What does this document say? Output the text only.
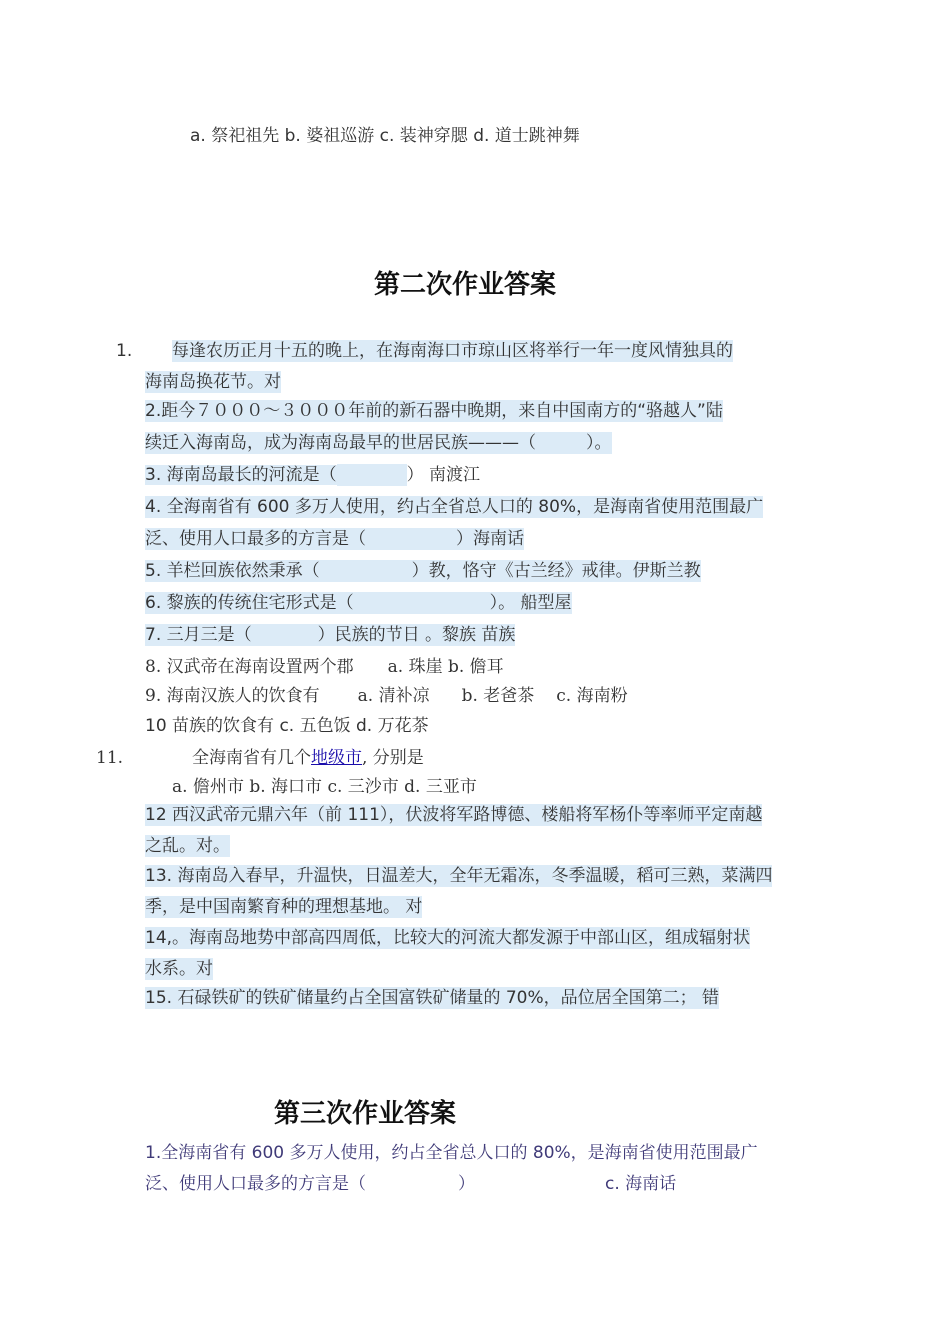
a. 祭祀祖先 b. 婆祖巡游 c. 装神穿腮 d. 道士跳神舞
第二次作业答案
1. 每逢农历正月十五的晚上，在海南海口市琼山区将举行一年一度风情独具的
海南岛换花节。对
2.距今７０００～３０００年前的新石器中晚期，来自中国南方的“骆越人”陆
续迁入海南岛，成为海南岛最早的世居民族———（	）。
3. 海南岛最长的河流是（	） 南渡江
4. 全海南省有 600 多万人使用，约占全省总人口的 80%，是海南省使用范围最广
泛、使用人口最多的方言是（	）海南话
5. 羊栏回族依然秉承（	）教，恪守《古兰经》戒律。伊斯兰教
6. 黎族的传统住宅形式是（	）。 船型屋
7. 三月三是（	）民族的节日 。黎族 苗族
8. 汉武帝在海南设置两个郡 a. 珠崖 b. 儋耳
9. 海南汉族人的饮食有 a. 清补凉 b. 老爸茶 c. 海南粉
10 苗族的饮食有 c. 五色饭 d. 万花茶
11.	全海南省有几个地级市, 分别是
a. 儋州市 b. 海口市 c. 三沙市 d. 三亚市
12 西汉武帝元鼎六年（前 111），伏波将军路博德、楼船将军杨仆等率师平定南越
之乱。对。
13. 海南岛入春早，升温快，日温差大，全年无霜冻，冬季温暖，稻可三熟，菜满四
季，是中国南繁育种的理想基地。 对
14,。海南岛地势中部高四周低，比较大的河流大都发源于中部山区，组成辐射状
水系。对
15. 石碌铁矿的铁矿储量约占全国富铁矿储量的 70%，品位居全国第二； 错
第三次作业答案
1.全海南省有 600 多万人使用，约占全省总人口的 80%，是海南省使用范围最广
泛、使用人口最多的方言是（	）	c. 海南话
